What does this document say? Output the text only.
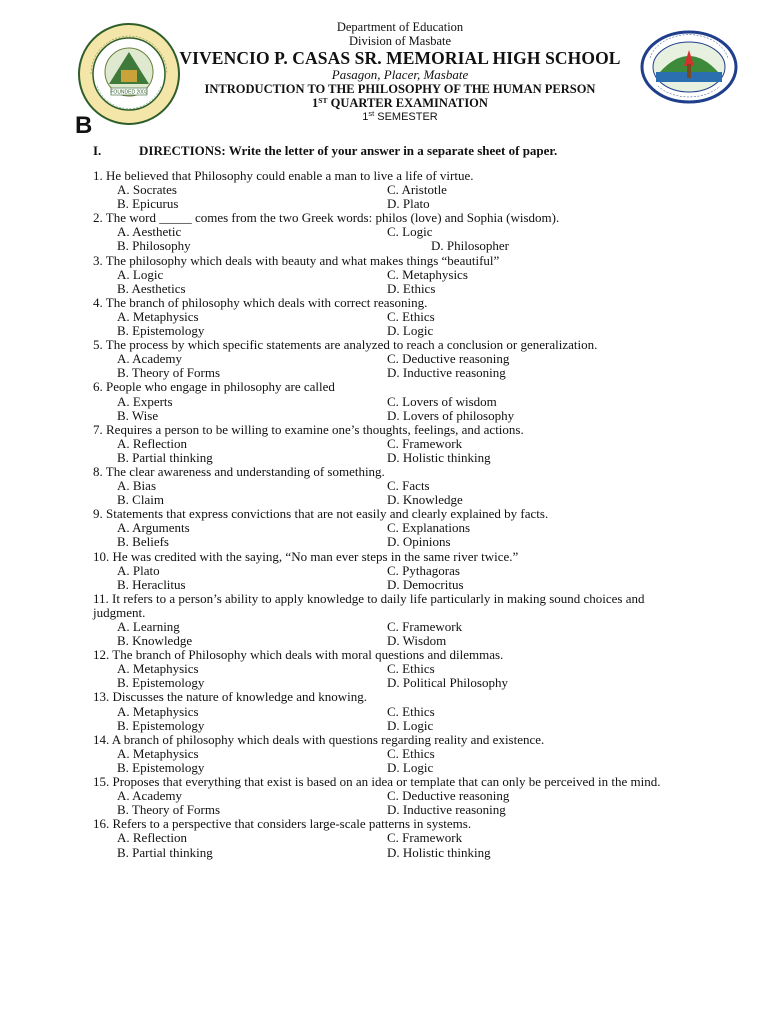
FOUNDED 2002
Department of Education
Division of Masbate
VIVENCIO P. CASAS SR. MEMORIAL HIGH SCHOOL
Pasagon, Placer, Masbate
INTRODUCTION TO THE PHILOSOPHY OF THE HUMAN PERSON
1ST QUARTER EXAMINATION
1st SEMESTER
B
I.	DIRECTIONS: Write the letter of your answer in a separate sheet of paper.
1. He believed that Philosophy could enable a man to live a life of virtue.
A. Socrates	C. Aristotle
B. Epicurus	D. Plato
2. The word _____ comes from the two Greek words: philos (love) and Sophia (wisdom).
A. Aesthetic	C. Logic
B. Philosophy	D. Philosopher
3. The philosophy which deals with beauty and what makes things “beautiful”
A. Logic	C. Metaphysics
B. Aesthetics	D. Ethics
4. The branch of philosophy which deals with correct reasoning.
A. Metaphysics	C. Ethics
B. Epistemology	D. Logic
5. The process by which specific statements are analyzed to reach a conclusion or generalization.
A. Academy	C. Deductive reasoning
B. Theory of Forms	D. Inductive reasoning
6. People who engage in philosophy are called
A. Experts	C. Lovers of wisdom
B. Wise	D. Lovers of philosophy
7. Requires a person to be willing to examine one’s thoughts, feelings, and actions.
A. Reflection	C. Framework
B. Partial thinking	D. Holistic thinking
8. The clear awareness and understanding of something.
A. Bias	C. Facts
B. Claim	D. Knowledge
9. Statements that express convictions that are not easily and clearly explained by facts.
A. Arguments	C. Explanations
B. Beliefs	D. Opinions
10. He was credited with the saying, “No man ever steps in the same river twice.”
A. Plato	C. Pythagoras
B. Heraclitus	D. Democritus
11. It refers to a person’s ability to apply knowledge to daily life particularly in making sound choices and
judgment.
A. Learning	C. Framework
B. Knowledge	D. Wisdom
12. The branch of Philosophy which deals with moral questions and dilemmas.
A. Metaphysics	C. Ethics
B. Epistemology	D. Political Philosophy
13. Discusses the nature of knowledge and knowing.
A. Metaphysics	C. Ethics
B. Epistemology	D. Logic
14. A branch of philosophy which deals with questions regarding reality and existence.
A. Metaphysics	C. Ethics
B. Epistemology	D. Logic
15. Proposes that everything that exist is based on an idea or template that can only be perceived in the mind.
A. Academy	C. Deductive reasoning
B. Theory of Forms	D. Inductive reasoning
16. Refers to a perspective that considers large-scale patterns in systems.
A. Reflection	C. Framework
B. Partial thinking	D. Holistic thinking
